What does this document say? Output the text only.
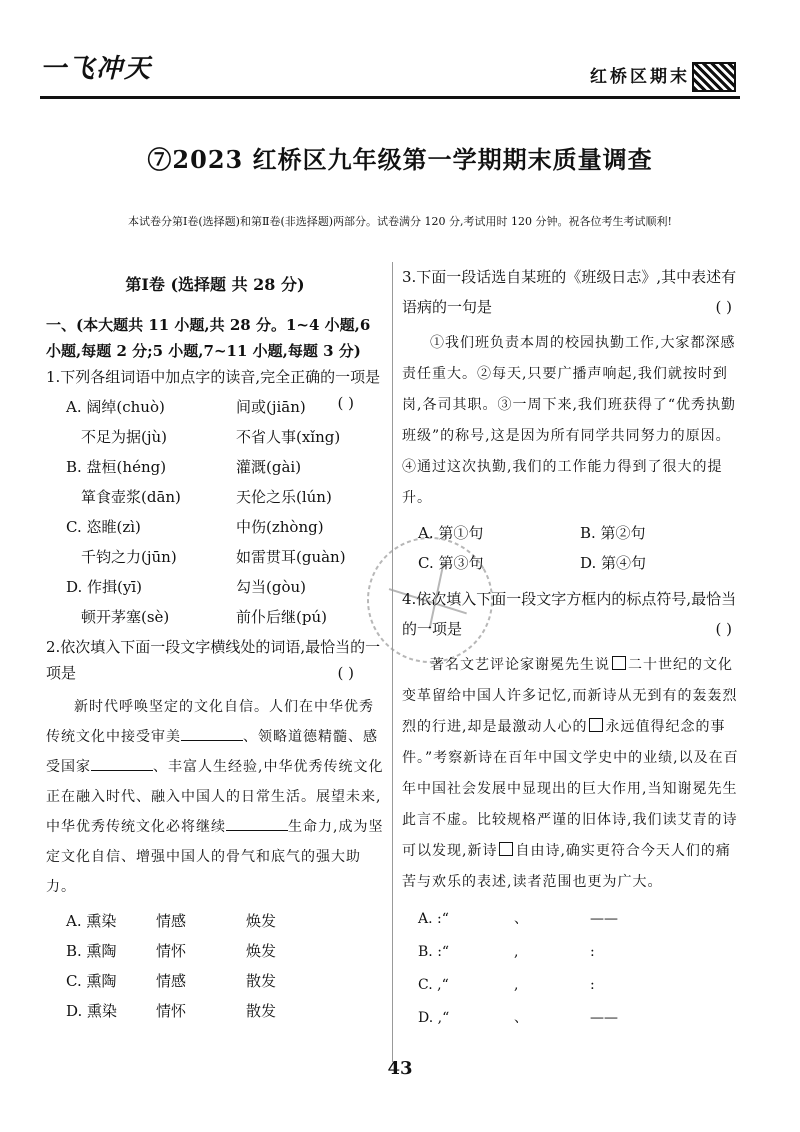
一飞冲天	红桥区期末
⑦2023 红桥区九年级第一学期期末质量调查
本试卷分第Ⅰ卷(选择题)和第Ⅱ卷(非选择题)两部分。试卷满分 120 分,考试用时 120 分钟。祝各位考生考试顺利!
第Ⅰ卷 (选择题 共 28 分)

一、(本大题共 11 小题,共 28 分。1~4 小题,6 小题,每题 2 分;5 小题,7~11 小题,每题 3 分)

1.下列各组词语中加点字的读音,完全正确的一项是
( )

A. 阔绰(chuò)	间或(jiān)
　不足为据(jù)	不省人事(xǐng)
B. 盘桓(héng)	灌溉(gài)
　箪食壶浆(dān)	天伦之乐(lún)
C. 恣睢(zì)	中伤(zhòng)
　千钧之力(jūn)	如雷贯耳(guàn)
D. 作揖(yī)	勾当(gòu)
　顿开茅塞(sè)	前仆后继(pú)

2.依次填入下面一段文字横线处的词语,最恰当的一项是	( )

新时代呼唤坚定的文化自信。人们在中华优秀传统文化中接受审美	、领略道德精髓、感受国家	、丰富人生经验,中华优秀传统文化正在融入时代、融入中国人的日常生活。展望未来,中华优秀传统文化必将继续	生命力,成为坚定文化自信、增强中国人的骨气和底气的强大助力。

A. 熏染	情感	焕发
B. 熏陶	情怀	焕发
C. 熏陶	情感	散发
D. 熏染	情怀	散发

3.下面一段话选自某班的《班级日志》,其中表述有语病的一句是	( )

①我们班负责本周的校园执勤工作,大家都深感责任重大。②每天,只要广播声响起,我们就按时到岗,各司其职。③一周下来,我们班获得了“优秀执勤班级”的称号,这是因为所有同学共同努力的原因。④通过这次执勤,我们的工作能力得到了很大的提升。

A. 第①句	B. 第②句
C. 第③句	D. 第④句

4.依次填入下面一段文字方框内的标点符号,最恰当的一项是	( )

著名文艺评论家谢冕先生说 二十世纪的文化变革留给中国人许多记忆,而新诗从无到有的轰轰烈烈的行进,却是最激动人心的 永远值得纪念的事件。”考察新诗在百年中国文学史中的业绩,以及在百年中国社会发展中显现出的巨大作用,当知谢冕先生此言不虚。比较规格严谨的旧体诗,我们读艾青的诗可以发现,新诗 自由诗,确实更符合今天人们的痛苦与欢乐的表述,读者范围也更为广大。

A. :“	、	——
B. :“	,	:
C. ,“	,	:
D. ,“	、	——
43
